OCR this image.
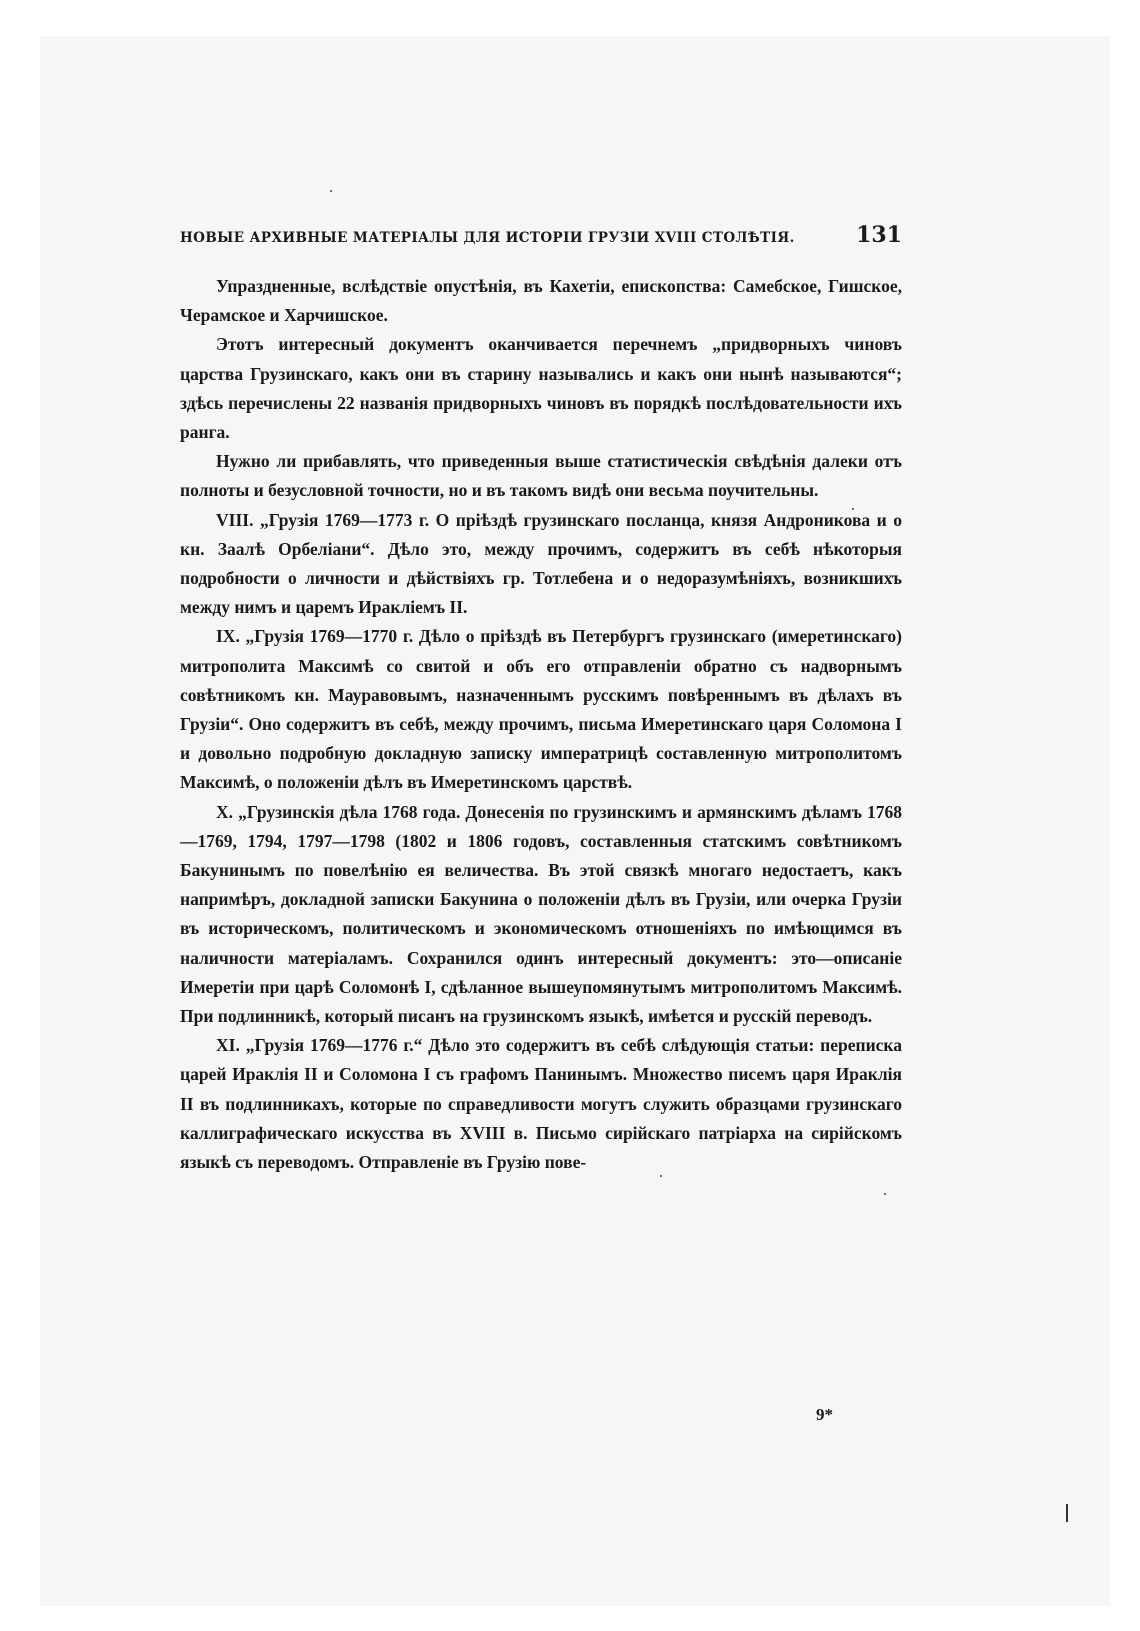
НОВЫЕ АРХИВНЫЕ МАТЕРІАЛЫ ДЛЯ ИСТОРІИ ГРУЗІИ XVIII СТОЛѢТІЯ.	131

Упраздненные, вслѣдствіе опустѣнія, въ Кахетіи, епископства: Самебское, Гишское, Черамское и Харчишское.

Этотъ интересный документъ оканчивается перечнемъ „придворныхъ чиновъ царства Грузинскаго, какъ они въ старину назывались и какъ они нынѣ называются“; здѣсь перечислены 22 названія придворныхъ чиновъ въ порядкѣ послѣдовательности ихъ ранга.

Нужно ли прибавлять, что приведенныя выше статистическія свѣдѣнія далеки отъ полноты и безусловной точности, но и въ такомъ видѣ они весьма поучительны.

VIII. „Грузія 1769—1773 г. О пріѣздѣ грузинскаго посланца, князя Андроникова и о кн. Заалѣ Орбеліани“. Дѣло это, между прочимъ, содержитъ въ себѣ нѣкоторыя подробности о личности и дѣйствіяхъ гр. Тотлебена и о недоразумѣніяхъ, возникшихъ между нимъ и царемъ Иракліемъ II.

IX. „Грузія 1769—1770 г. Дѣло о пріѣздѣ въ Петербургъ грузинскаго (имеретинскаго) митрополита Максимѣ со свитой и объ его отправленіи обратно съ надворнымъ совѣтникомъ кн. Мауравовымъ, назначеннымъ русскимъ повѣреннымъ въ дѣлахъ въ Грузіи“. Оно содержитъ въ себѣ, между прочимъ, письма Имеретинскаго царя Соломона I и довольно подробную докладную записку императрицѣ составленную митрополитомъ Максимѣ, о положеніи дѣлъ въ Имеретинскомъ царствѣ.

X. „Грузинскія дѣла 1768 года. Донесенія по грузинскимъ и армянскимъ дѣламъ 1768—1769, 1794, 1797—1798 (1802 и 1806 годовъ, составленныя статскимъ совѣтникомъ Бакунинымъ по повелѣнію ея величества. Въ этой связкѣ многаго недостаетъ, какъ напримѣръ, докладной записки Бакунина о положеніи дѣлъ въ Грузіи, или очерка Грузіи въ историческомъ, политическомъ и экономическомъ отношеніяхъ по имѣющимся въ наличности матеріаламъ. Сохранился одинъ интересный документъ: это—описаніе Имеретіи при царѣ Соломонѣ I, сдѣланное вышеупомянутымъ митрополитомъ Максимѣ. При подлинникѣ, который писанъ на грузинскомъ языкѣ, имѣется и русскій переводъ.

XI. „Грузія 1769—1776 г.“ Дѣло это содержитъ въ себѣ слѣдующія статьи: переписка царей Ираклія II и Соломона I съ графомъ Панинымъ. Множество писемъ царя Ираклія II въ подлинникахъ, которые по справедливости могутъ служить образцами грузинскаго каллиграфическаго искусства въ XVIII в. Письмо сирійскаго патріарха на сирійскомъ языкѣ съ переводомъ. Отправленіе въ Грузію пове-

9*
